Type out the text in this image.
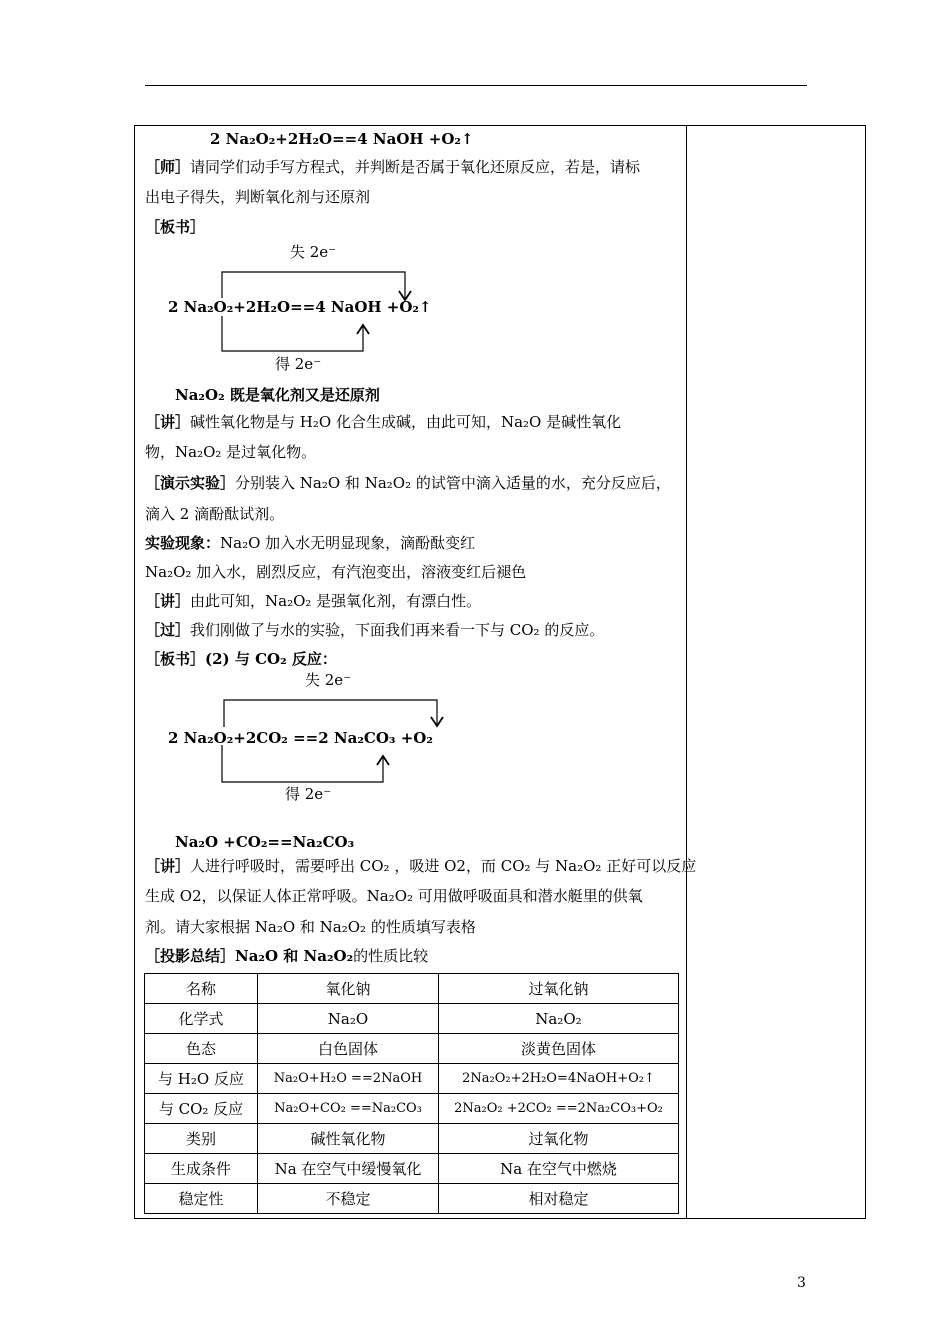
2 Na₂O₂+2H₂O==4 NaOH +O₂↑
［师］请同学们动手写方程式，并判断是否属于氧化还原反应，若是，请标
出电子得失，判断氧化剂与还原剂
［板书］
失 2e⁻
2 Na₂O₂+2H₂O==4 NaOH +O₂↑
得 2e⁻
Na₂O₂ 既是氧化剂又是还原剂
［讲］碱性氧化物是与 H₂O 化合生成碱，由此可知，Na₂O 是碱性氧化
物，Na₂O₂ 是过氧化物。
［演示实验］分别装入 Na₂O 和 Na₂O₂ 的试管中滴入适量的水，充分反应后，
滴入 2 滴酚酞试剂。
实验现象：Na₂O 加入水无明显现象，滴酚酞变红
Na₂O₂ 加入水，剧烈反应，有汽泡变出，溶液变红后褪色
［讲］由此可知，Na₂O₂ 是强氧化剂，有漂白性。
［过］我们刚做了与水的实验，下面我们再来看一下与 CO₂ 的反应。
［板书］(2) 与 CO₂ 反应：
失 2e⁻
2 Na₂O₂+2CO₂ ==2 Na₂CO₃ +O₂
得 2e⁻
Na₂O +CO₂==Na₂CO₃
［讲］人进行呼吸时，需要呼出 CO₂ ，吸进 O2，而 CO₂ 与 Na₂O₂ 正好可以反应
生成 O2，以保证人体正常呼吸。Na₂O₂ 可用做呼吸面具和潜水艇里的供氧
剂。请大家根据 Na₂O 和 Na₂O₂ 的性质填写表格
［投影总结］Na₂O 和 Na₂O₂的性质比较
名称	氧化钠	过氧化钠
化学式	Na₂O	Na₂O₂
色态	白色固体	淡黄色固体
与 H₂O 反应	Na₂O+H₂O ==2NaOH	2Na₂O₂+2H₂O=4NaOH+O₂↑
与 CO₂ 反应	Na₂O+CO₂ ==Na₂CO₃	2Na₂O₂ +2CO₂ ==2Na₂CO₃+O₂
类别	碱性氧化物	过氧化物
生成条件	Na 在空气中缓慢氧化	Na 在空气中燃烧
稳定性	不稳定	相对稳定
3
